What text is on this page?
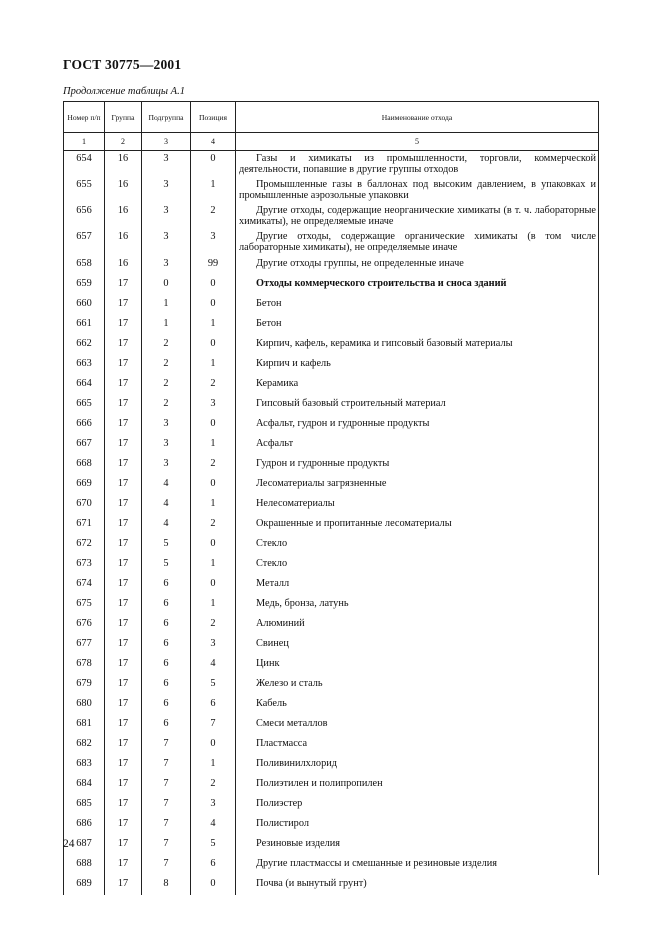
ГОСТ 30775—2001
Продолжение таблицы А.1
Номер п/п	Группа	Подгруппа	Позиция	Наименование отхода
1	2	3	4	5
654	16	3	0	Газы и химикаты из промышленности, торговли, коммерческой деятельности, попавшие в другие группы отходов
655	16	3	1	Промышленные газы в баллонах под высоким давлением, в упаковках и промышленные аэрозольные упаковки
656	16	3	2	Другие отходы, содержащие неорганические химикаты (в т. ч. лабораторные химикаты), не определяемые иначе
657	16	3	3	Другие отходы, содержащие органические химикаты (в том числе лабораторные химикаты), не определяемые иначе
658	16	3	99	Другие отходы группы, не определенные иначе
659	17	0	0	Отходы коммерческого строительства и сноса зданий
660	17	1	0	Бетон
661	17	1	1	Бетон
662	17	2	0	Кирпич, кафель, керамика и гипсовый базовый материалы
663	17	2	1	Кирпич и кафель
664	17	2	2	Керамика
665	17	2	3	Гипсовый базовый строительный материал
666	17	3	0	Асфальт, гудрон и гудронные продукты
667	17	3	1	Асфальт
668	17	3	2	Гудрон и гудронные продукты
669	17	4	0	Лесоматериалы загрязненные
670	17	4	1	Нелесоматериалы
671	17	4	2	Окрашенные и пропитанные лесоматериалы
672	17	5	0	Стекло
673	17	5	1	Стекло
674	17	6	0	Металл
675	17	6	1	Медь, бронза, латунь
676	17	6	2	Алюминий
677	17	6	3	Свинец
678	17	6	4	Цинк
679	17	6	5	Железо и сталь
680	17	6	6	Кабель
681	17	6	7	Смеси металлов
682	17	7	0	Пластмасса
683	17	7	1	Поливинилхлорид
684	17	7	2	Полиэтилен и полипропилен
685	17	7	3	Полиэстер
686	17	7	4	Полистирол
687	17	7	5	Резиновые изделия
688	17	7	6	Другие пластмассы и смешанные и резиновые изделия
689	17	8	0	Почва (и вынутый грунт)
24
